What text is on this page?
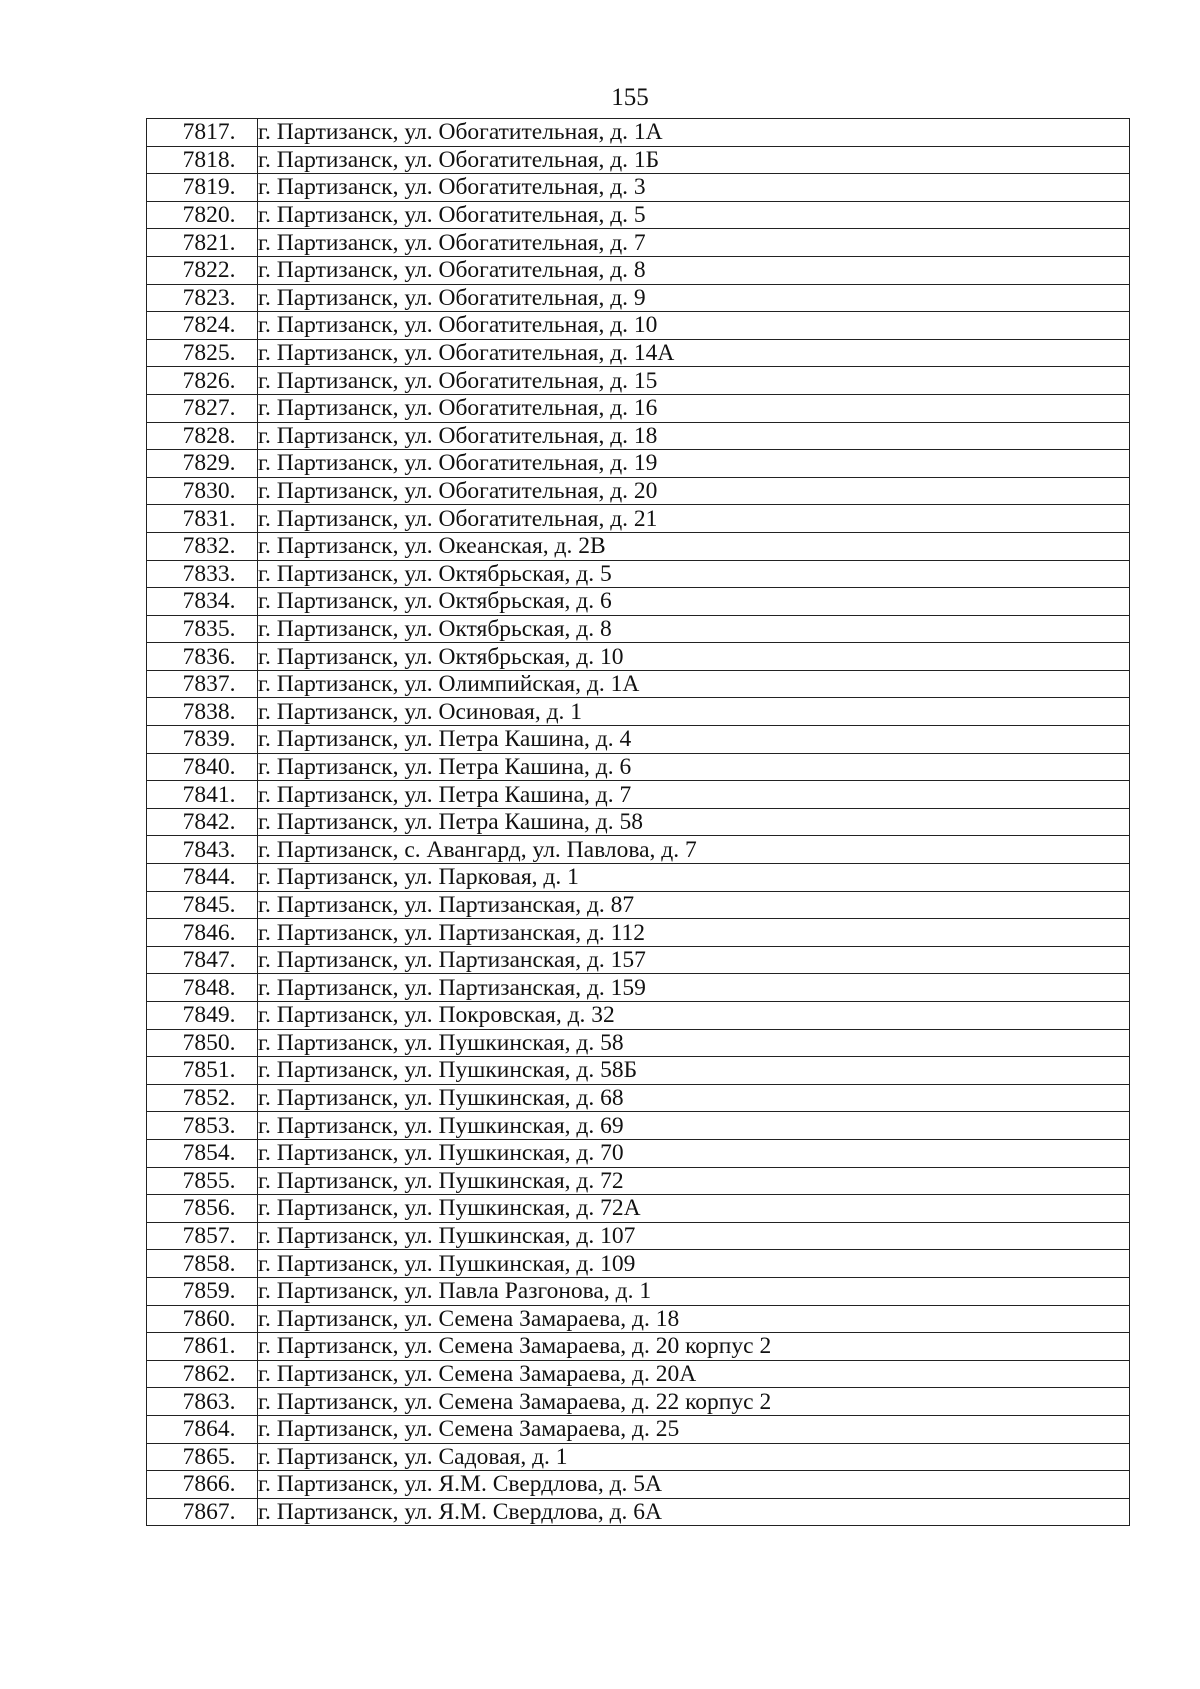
155
7817.	г. Партизанск, ул. Обогатительная, д. 1А
7818.	г. Партизанск, ул. Обогатительная, д. 1Б
7819.	г. Партизанск, ул. Обогатительная, д. 3
7820.	г. Партизанск, ул. Обогатительная, д. 5
7821.	г. Партизанск, ул. Обогатительная, д. 7
7822.	г. Партизанск, ул. Обогатительная, д. 8
7823.	г. Партизанск, ул. Обогатительная, д. 9
7824.	г. Партизанск, ул. Обогатительная, д. 10
7825.	г. Партизанск, ул. Обогатительная, д. 14А
7826.	г. Партизанск, ул. Обогатительная, д. 15
7827.	г. Партизанск, ул. Обогатительная, д. 16
7828.	г. Партизанск, ул. Обогатительная, д. 18
7829.	г. Партизанск, ул. Обогатительная, д. 19
7830.	г. Партизанск, ул. Обогатительная, д. 20
7831.	г. Партизанск, ул. Обогатительная, д. 21
7832.	г. Партизанск, ул. Океанская, д. 2В
7833.	г. Партизанск, ул. Октябрьская, д. 5
7834.	г. Партизанск, ул. Октябрьская, д. 6
7835.	г. Партизанск, ул. Октябрьская, д. 8
7836.	г. Партизанск, ул. Октябрьская, д. 10
7837.	г. Партизанск, ул. Олимпийская, д. 1А
7838.	г. Партизанск, ул. Осиновая, д. 1
7839.	г. Партизанск, ул. Петра Кашина, д. 4
7840.	г. Партизанск, ул. Петра Кашина, д. 6
7841.	г. Партизанск, ул. Петра Кашина, д. 7
7842.	г. Партизанск, ул. Петра Кашина, д. 58
7843.	г. Партизанск, с. Авангард, ул. Павлова, д. 7
7844.	г. Партизанск, ул. Парковая, д. 1
7845.	г. Партизанск, ул. Партизанская, д. 87
7846.	г. Партизанск, ул. Партизанская, д. 112
7847.	г. Партизанск, ул. Партизанская, д. 157
7848.	г. Партизанск, ул. Партизанская, д. 159
7849.	г. Партизанск, ул. Покровская, д. 32
7850.	г. Партизанск, ул. Пушкинская, д. 58
7851.	г. Партизанск, ул. Пушкинская, д. 58Б
7852.	г. Партизанск, ул. Пушкинская, д. 68
7853.	г. Партизанск, ул. Пушкинская, д. 69
7854.	г. Партизанск, ул. Пушкинская, д. 70
7855.	г. Партизанск, ул. Пушкинская, д. 72
7856.	г. Партизанск, ул. Пушкинская, д. 72А
7857.	г. Партизанск, ул. Пушкинская, д. 107
7858.	г. Партизанск, ул. Пушкинская, д. 109
7859.	г. Партизанск, ул. Павла Разгонова, д. 1
7860.	г. Партизанск, ул. Семена Замараева, д. 18
7861.	г. Партизанск, ул. Семена Замараева, д. 20 корпус 2
7862.	г. Партизанск, ул. Семена Замараева, д. 20А
7863.	г. Партизанск, ул. Семена Замараева, д. 22 корпус 2
7864.	г. Партизанск, ул. Семена Замараева, д. 25
7865.	г. Партизанск, ул. Садовая, д. 1
7866.	г. Партизанск, ул. Я.М. Свердлова, д. 5А
7867.	г. Партизанск, ул. Я.М. Свердлова, д. 6А
